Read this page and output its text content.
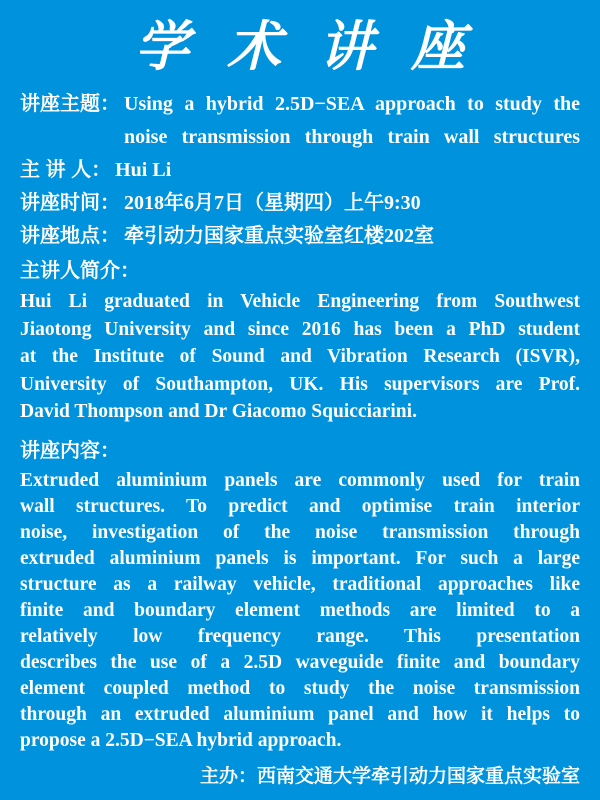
学术讲座
讲座主题： Using a hybrid 2.5D−SEA approach to study the
noise transmission through train wall structures
主 讲 人： Hui Li
讲座时间： 2018年6月7日（星期四）上午9:30
讲座地点： 牵引动力国家重点实验室红楼202室
主讲人简介：
Hui Li graduated in Vehicle Engineering from Southwest
Jiaotong University and since 2016 has been a PhD student
at the Institute of Sound and Vibration Research (ISVR),
University of Southampton, UK. His supervisors are Prof.
David Thompson and Dr Giacomo Squicciarini.
讲座内容：
Extruded aluminium panels are commonly used for train
wall structures. To predict and optimise train interior
noise, investigation of the noise transmission through
extruded aluminium panels is important. For such a large
structure as a railway vehicle, traditional approaches like
finite and boundary element methods are limited to a
relatively low frequency range. This presentation
describes the use of a 2.5D waveguide finite and boundary
element coupled method to study the noise transmission
through an extruded aluminium panel and how it helps to
propose a 2.5D−SEA hybrid approach.
主办：西南交通大学牵引动力国家重点实验室
